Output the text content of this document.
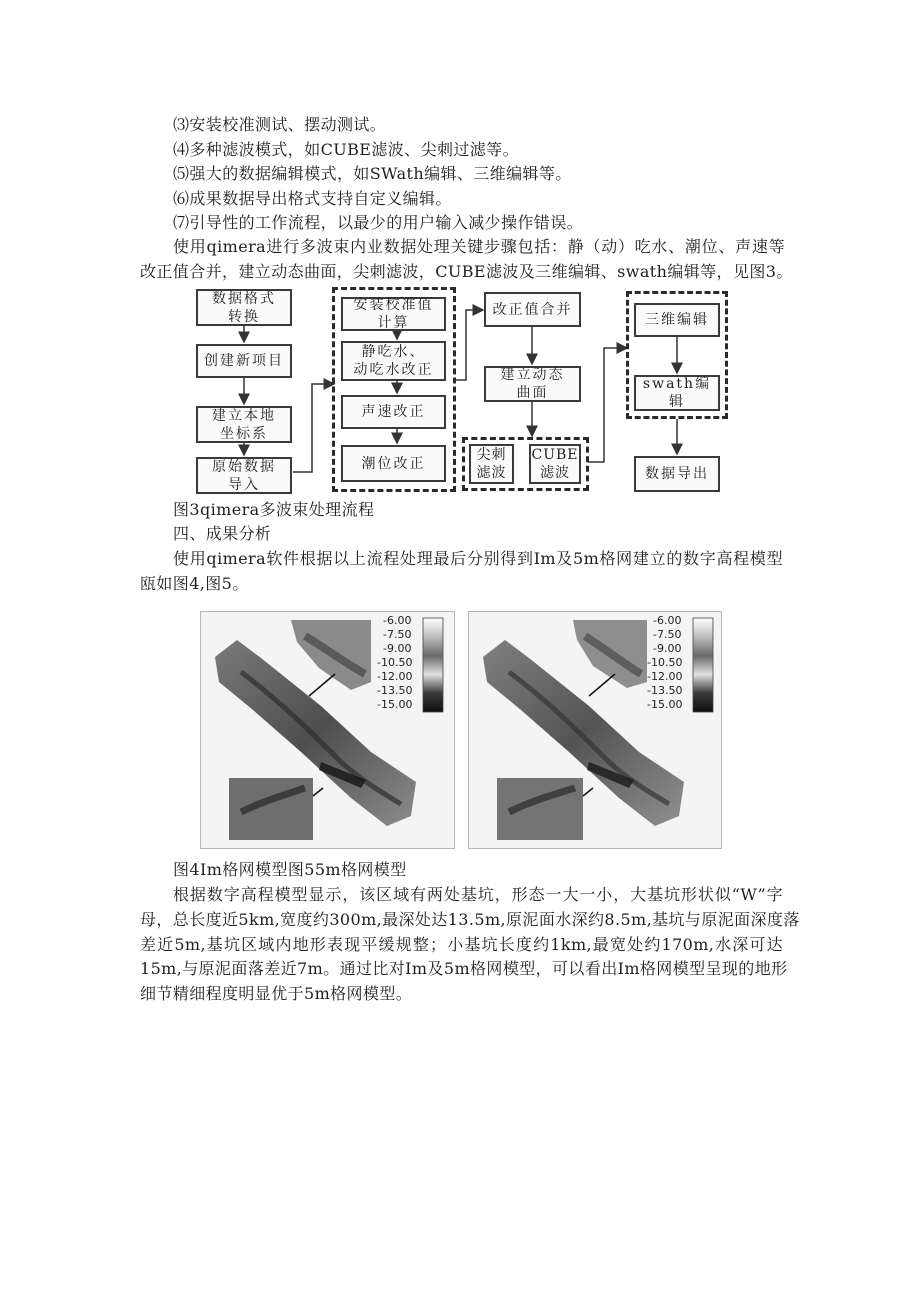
⑶安装校准测试、摆动测试。
⑷多种滤波模式，如CUBE滤波、尖刺过滤等。
⑸强大的数据编辑模式，如SWath编辑、三维编辑等。
⑹成果数据导出格式支持自定义编辑。
⑺引导性的工作流程，以最少的用户输入减少操作错误。
使用qimera进行多波束内业数据处理关键步骤包括：静（动）吃水、潮位、声速等
改正值合并，建立动态曲面，尖刺滤波，CUBE滤波及三维编辑、swath编辑等，见图3。
数据格式
转换
创建新项目
建立本地
坐标系
原始数据
导入
安装校准值
计算
静吃水、
动吃水改正
声速改正
潮位改正
改正值合并
建立动态
曲面
尖刺
滤波
CUBE
滤波
三维编辑
swath编辑
数据导出
图3qimera多波束处理流程
四、成果分析
使用qimera软件根据以上流程处理最后分别得到Im及5m格网建立的数字高程模型
瓯如图4,图5。
-6.00
-7.50
-9.00
-10.50
-12.00
-13.50
-15.00
-6.00
-7.50
-9.00
-10.50
-12.00
-13.50
-15.00
图4Im格网模型图55m格网模型
根据数字高程模型显示，该区域有两处基坑，形态一大一小，大基坑形状似“W”字
母，总长度近5km,宽度约300m,最深处达13.5m,原泥面水深约8.5m,基坑与原泥面深度落
差近5m,基坑区域内地形表现平缓规整；小基坑长度约1km,最宽处约170m,水深可达
15m,与原泥面落差近7m。通过比对Im及5m格网模型，可以看出Im格网模型呈现的地形
细节精细程度明显优于5m格网模型。
